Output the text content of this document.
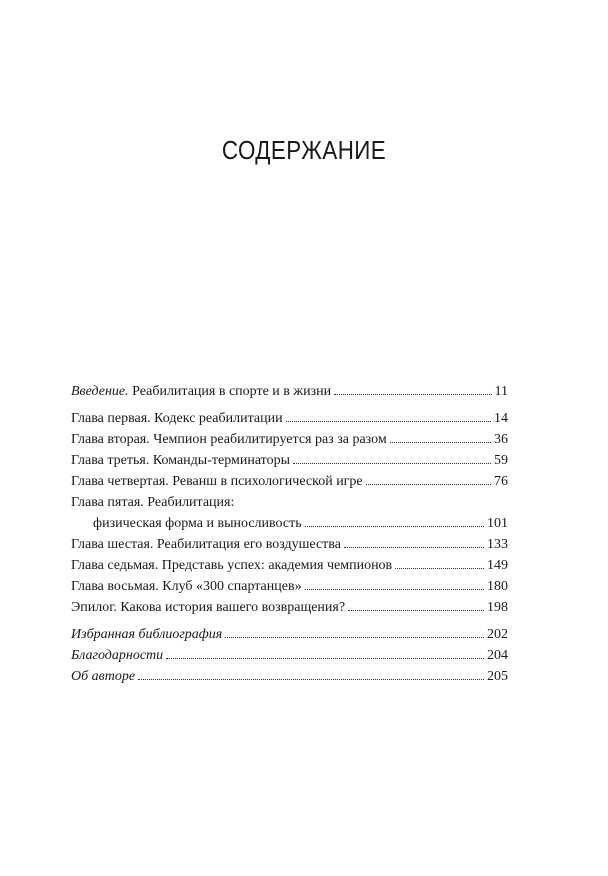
СОДЕРЖАНИЕ
Введение. Реабилитация в спорте и в жизни	11
Глава первая. Кодекс реабилитации	14
Глава вторая. Чемпион реабилитируется раз за разом	36
Глава третья. Команды-терминаторы	59
Глава четвертая. Реванш в психологической игре	76
Глава пятая. Реабилитация:
физическая форма и выносливость	101
Глава шестая. Реабилитация его воздушества	133
Глава седьмая. Представь успех: академия чемпионов	149
Глава восьмая. Клуб «300 спартанцев»	180
Эпилог. Какова история вашего возвращения?	198
Избранная библиография	202
Благодарности	204
Об авторе	205
